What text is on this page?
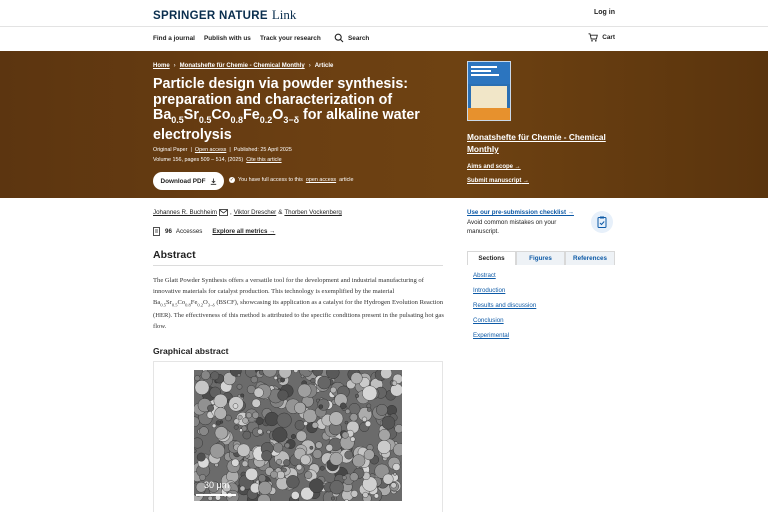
SPRINGER NATURE Link	Log in
Find a journal Publish with us Track your research	Search	Cart
Home › Monatshefte für Chemie - Chemical Monthly › Article
Particle design via powder synthesis: preparation and characterization of $Ba_{0.5}Sr_{0.5}Co_{0.8}Fe_{0.2}O_{3-\delta}$ for alkaline water electrolysis
Original Paper | Open access | Published: 25 April 2025
Volume 156, pages 509 – 514, (2025) Cite this article
Download PDF	✓ You have full access to this open access article
Monatshefte für Chemie - Chemical Monthly
Aims and scope →
Submit manuscript →
Johannes R. Buchheim , Viktor Drescher & Thorben Vockenberg
96 Accesses Explore all metrics →
Abstract

The Glatt Powder Synthesis offers a versatile tool for the development and industrial manufacturing of innovative materials for catalyst production. This technology is exemplified by the material $Ba_{0.5}Sr_{0.5}Co_{0.8}Fe_{0.2}O_{3-\delta}$ (BSCF), showcasing its application as a catalyst for the Hydrogen Evolution Reaction (HER). The effectiveness of this method is attributed to the specific conditions present in the pulsating hot gas flow.

Graphical abstract
30 μm
Use our pre-submission checklist →
Avoid common mistakes on your manuscript.
Sections	Figures	References
Abstract
Introduction
Results and discussion
Conclusion
Experimental
